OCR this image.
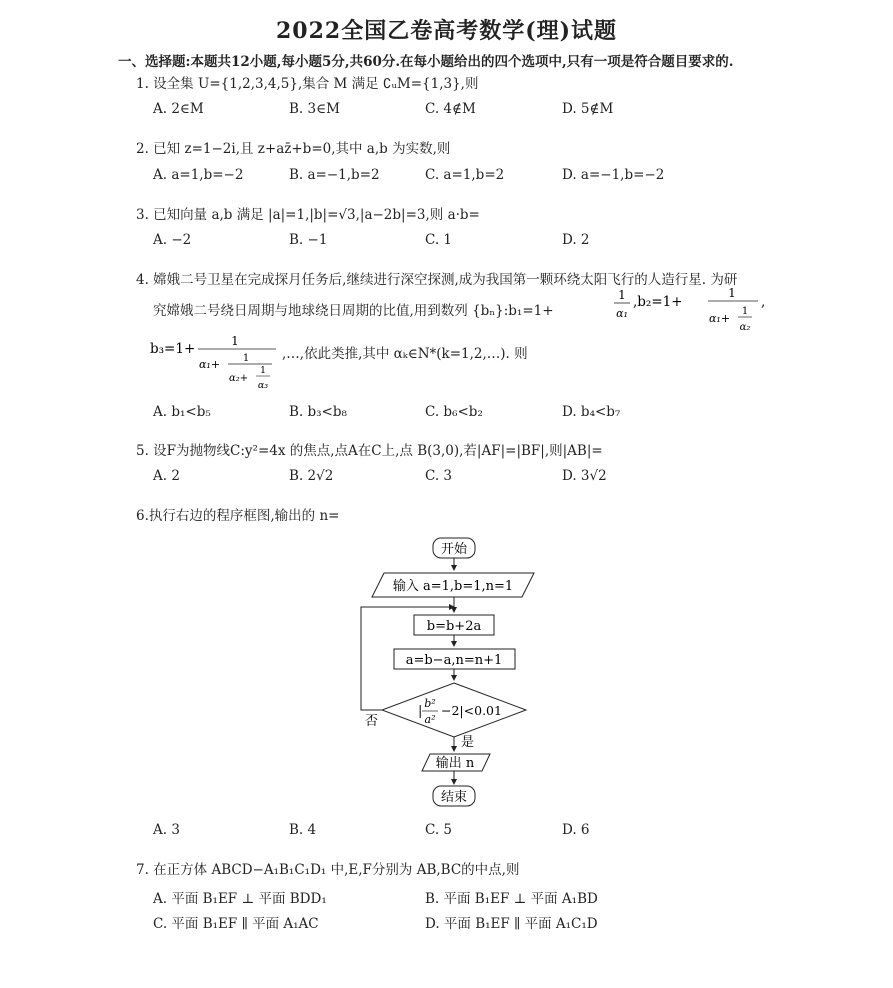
2022全国乙卷高考数学(理)试题
一、选择题:本题共12小题,每小题5分,共60分.在每小题给出的四个选项中,只有一项是符合题目要求的.
1. 设全集 U={1,2,3,4,5},集合 M 满足 ∁ᵤM={1,3},则
A. 2∈M	B. 3∈M	C. 4∉M	D. 5∉M
2. 已知 z=1−2i,且 z+az̄+b=0,其中 a,b 为实数,则
A. a=1,b=−2	B. a=−1,b=2	C. a=1,b=2	D. a=−1,b=−2
3. 已知向量 a,b 满足 |a|=1,|b|=√3,|a−2b|=3,则 a·b=
A. −2	B. −1	C. 1	D. 2
4. 嫦娥二号卫星在完成探月任务后,继续进行深空探测,成为我国第一颗环绕太阳飞行的人造行星. 为研
究嫦娥二号绕日周期与地球绕日周期的比值,用到数列 {bₙ}:b₁=1+
1
α₁
,b₂=1+
1
α₁+
1
α₂
,
b₃=1+	1
α₁+ 1
α₂+
1
α₃
,…,依此类推,其中 αₖ∈N*(k=1,2,…). 则
A. b₁<b₅	B. b₃<b₈	C. b₆<b₂	D. b₄<b₇
5. 设F为抛物线C:y²=4x 的焦点,点A在C上,点 B(3,0),若|AF|=|BF|,则|AB|=
A. 2	B. 2√2	C. 3	D. 3√2
6.执行右边的程序框图,输出的 n=
开始
输入 a=1,b=1,n=1
b=b+2a
a=b−a,n=n+1
|
b²
a²
−2|<0.01
否
是
输出 n
结束
A. 3	B. 4	C. 5	D. 6
7. 在正方体 ABCD−A₁B₁C₁D₁ 中,E,F分别为 AB,BC的中点,则
A. 平面 B₁EF ⊥ 平面 BDD₁	B. 平面 B₁EF ⊥ 平面 A₁BD
C. 平面 B₁EF ∥ 平面 A₁AC	D. 平面 B₁EF ∥ 平面 A₁C₁D
